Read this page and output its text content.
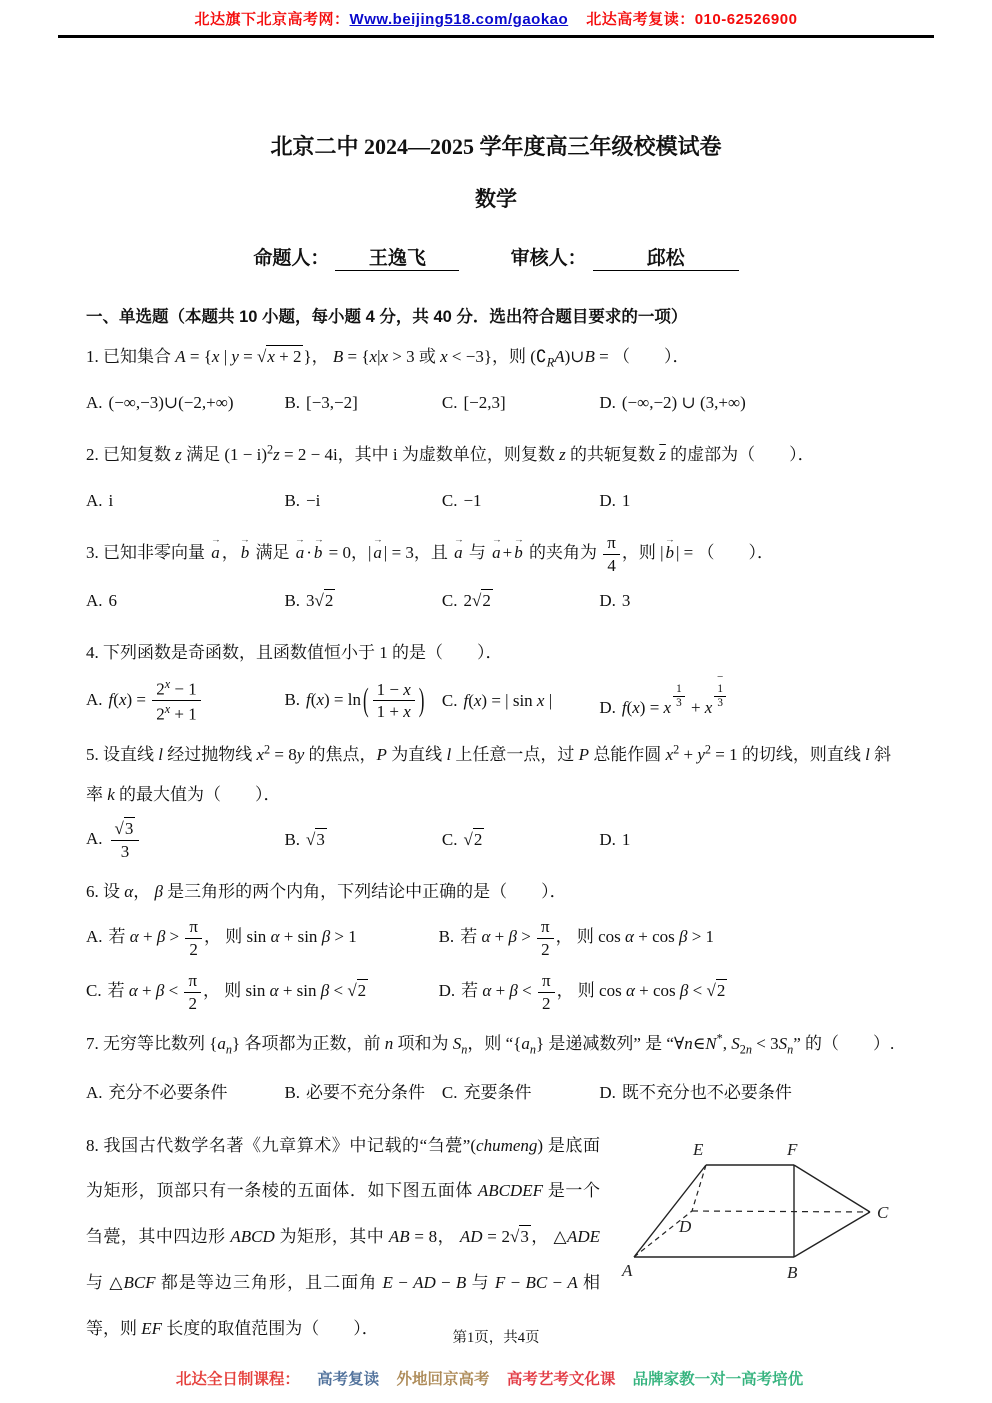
北达旗下北京高考网：Www.beijing518.com/gaokao 北达高考复读：010-62526900
北京二中 2024—2025 学年度高三年级校模试卷
数学
命题人： 王逸飞	审核人：	邱松
一、单选题（本题共 10 小题，每小题 4 分，共 40 分．选出符合题目要求的一项）
1. 已知集合 A = {x | y = √x + 2 }， B = {x|x > 3 或 x < −3}，则 $(∁_RA)\cup B$ = （　　）．
A. (−∞,−3)∪(−2,+∞)	B. [−3,−2]	C. [−2,3]	D. (−∞,−2) ∪ (3,+∞)
2. 已知复数 z 满足 $(1 - i)^2z = 2 - 4i$，其中 i 为虚数单位，则复数 z 的共轭复数 $\overline{z}$ 的虚部为（　　）．
A. i	B. −i	C. −1	D. 1
3. 已知非零向量 → a ， → b 满足 → a · → b = 0，| → a | = 3，且 → a 与 → a + → b 的夹角为 $\frac{\pi}{4}$ ，则 | → b | = （　　）．
A. 6	B. 3√2	C. 2√2	D. 3
4. 下列函数是奇函数，且函数值恒小于 1 的是（　　）．
A. $f(x) = \frac{2^x - 1}{2^x + 1}$	B. f(x) = ln ( $\frac{1 - x}{1 + x}$ )	C. f(x) = | sin x |	D. f(x) = x $\frac{1}{3} + x - \frac{1}{3}$
5. 设直线 l 经过抛物线 $x^2 = 8y$ 的焦点，P 为直线 l 上任意一点，过 P 总能作圆 $x^2 + y^2 = 1$ 的切线，则直线 l 斜率 k 的最大值为（　　）．
A. $\frac{√3}{3}$	B. √3	C. √2	D. 1
6. 设 α， β 是三角形的两个内角，下列结论中正确的是（　　）．
A. 若 $\alpha + \beta > \frac{\pi}{2}$ ， 则 sin α + sin β > 1	B. 若 $\alpha + \beta > \frac{\pi}{2}$ ， 则 cos α + cos β > 1
C. 若 $\alpha + \beta < \frac{\pi}{2}$ ， 则 sin α + sin β < √2	D. 若 $\alpha + \beta < \frac{\pi}{2}$ ， 则 cos α + cos β < √2
7. 无穷等比数列 $\{a_n\}$ 各项都为正数，前 n 项和为 $S_n$，则 “$\{a_n\}$ 是递减数列” 是 “∀n∈N*, $S_{2n} < 3S_n$” 的（　　）.
A. 充分不必要条件	B. 必要不充分条件 C. 充要条件	D. 既不充分也不必要条件
E	F
C
D
A	B
8. 我国古代数学名著《九章算术》中记载的“刍甍”(chumeng) 是底面为矩形，顶部只有一条棱的五面体．如下图五面体 ABCDEF 是一个刍甍，其中四边形 ABCD 为矩形，其中 AB = 8， AD = 2√3 ， △ADE 与 △BCF 都是等边三角形，且二面角 E − AD − B 与 F − BC − A 相等，则 EF 长度的取值范围为（　　）．	第1页，共4页
北达全日制课程： 高考复读 外地回京高考 高考艺考文化课 品牌家教一对一高考培优
